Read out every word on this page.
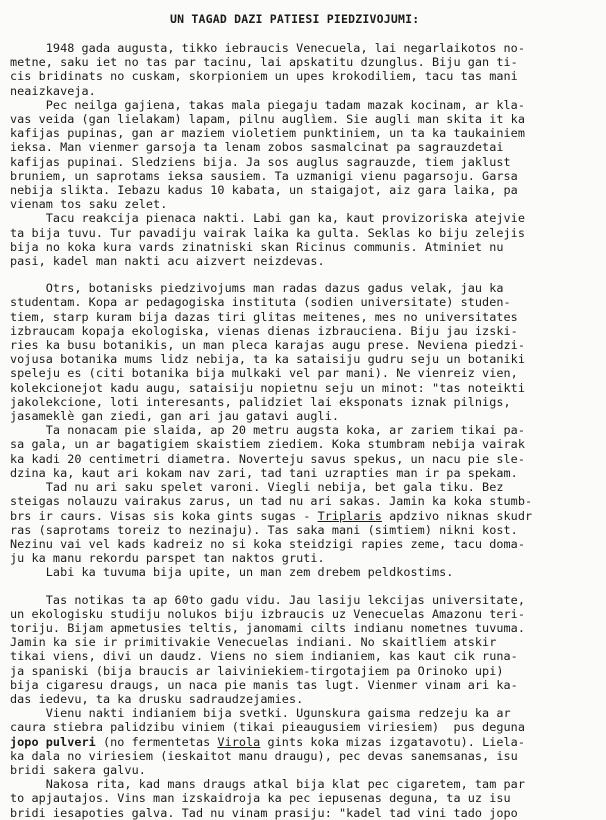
UN TAGAD DAZI PATIESI PIEDZIVOJUMI:
1948 gada augusta, tikko iebraucis Venecuela, lai negarlaikotos no-
metne, saku iet no tas par tacinu, lai apskatitu dzunglus. Biju gan ti-
cis bridinats no cuskam, skorpioniem un upes krokodiliem, tacu tas mani
neaizkaveja.
Pec neilga gajiena, takas mala piegaju tadam mazak kocinam, ar kla-
vas veida (gan lielakam) lapam, pilnu auglìem. Sie augli man skita it ka
kafijas pupinas, gan ar maziem violetiem punktiniem, un ta ka taukainiem
ieksa. Man vienmer garsoja ta lenam zobos sasmalcinat pa sagrauzdetai
kafijas pupinai. Sledziens bija. Ja sos auglus sagrauzde, tiem jaklust
bruniem, un saprotams ieksa sausiem. Ta uzmanigi vienu pagarsoju. Garsa
nebija slikta. Iebazu kadus 10 kabata, un staigajot, aiz gara laika, pa
vienam tos saku zelet.
Tacu reakcija pienaca nakti. Labi gan ka, kaut provizoriska atejvie
ta bija tuvu. Tur pavadiju vairak laika ka gulta. Seklas ko biju zelejis
bija no koka kura vards zinatniski skan Ricinus communis. Atminiet nu
pasi, kadel man nakti acu aizvert neizdevas.
Otrs, botanisks piedzivojums man radas dazus gadus velak, jau ka
studentam. Kopa ar pedagogiska instituta (sodien universitate) studen-
tiem, starp kuram bija dazas tiri glitas meitenes, mes no universitates
izbraucam kopaja ekologiska, vienas dienas izbrauciena. Biju jau izski-
ries ka busu botanikis, un man pleca karajas augu prese. Neviena piedzi-
vojusa botanika mums lidz nebija, ta ka sataisiju gudru seju un botaniki
speleju es (citi botanika bija mulkaki vel par mani). Ne vienreiz vien,
kolekcionejot kadu augu, sataisiju nopietnu seju un minot: "tas noteikti
jakolekcione, loti interesants, palidziet lai eksponats iznak pilnigs,
jasameklè gan ziedi, gan ari jau gatavi augli.
Ta nonacam pie slaida, ap 20 metru augsta koka, ar zariem tikai pa-
sa gala, un ar bagatigiem skaistiem ziediem. Koka stumbram nebija vairak
ka kadi 20 centimetri diametra. Noverteju savus spekus, un nacu pie sle-
dzina ka, kaut ari kokam nav zari, tad tani uzrapties man ir pa spekam.
Tad nu ari saku spelet varoni. Viegli nebija, bet gala tiku. Bez
steigas nolauzu vairakus zarus, un tad nu ari sakas. Jamin ka koka stumb-
brs ir caurs. Visas sis koka gints sugas - Triplaris apdzivo niknas skudr
ras (saprotams toreiz to nezinaju). Tas saka mani (simtiem) nikni kost.
Nezinu vai vel kads kadreiz no si koka steidzigi rapies zeme, tacu doma-
ju ka manu rekordu parspet tan naktos gruti.
Labi ka tuvuma bija upite, un man zem drebem peldkostims.
Tas notikas ta ap 60to gadu vidu. Jau lasiju lekcijas universitate,
un ekologisku studiju nolukos biju izbraucis uz Venecuelas Amazonu teri-
toriju. Bijam apmetusies teltis, janomami cilts indianu nometnes tuvuma.
Jamin ka sie ir primitivakie Venecuelas indiani. No skaitliem atskir
tikai viens, divi un daudz. Viens no siem indianiem, kas kaut cik runa-
ja spaniski (bija braucis ar laiviniekiem-tirgotajiem pa Orinoko upi)
bija cigaresu draugs, un naca pie manis tas lugt. Vienmer vinam ari ka-
das iedevu, ta ka drusku sadraudzejamies.
Vienu nakti indianiem bija svetki. Ugunskura gaisma redzeju ka ar
caura stiebra palidzibu viniem (tikai pieaugusiem viriesiem)  pus deguna
jopo pulveri (no fermentetas Virola gints koka mizas izgatavotu). Liela-
ka dala no viriesiem (ieskaitot manu draugu), pec devas sanemsanas, isu
bridi sakera galvu.
Nakosa rita, kad mans draugs atkal bija klat pec cigaretem, tam par
to apjautajos. Vins man izskaidroja ka pec iepusenas deguna, ta uz isu
bridi iesapoties galva. Tad nu vinam prasiju: "kadel tad vini tado jopo
